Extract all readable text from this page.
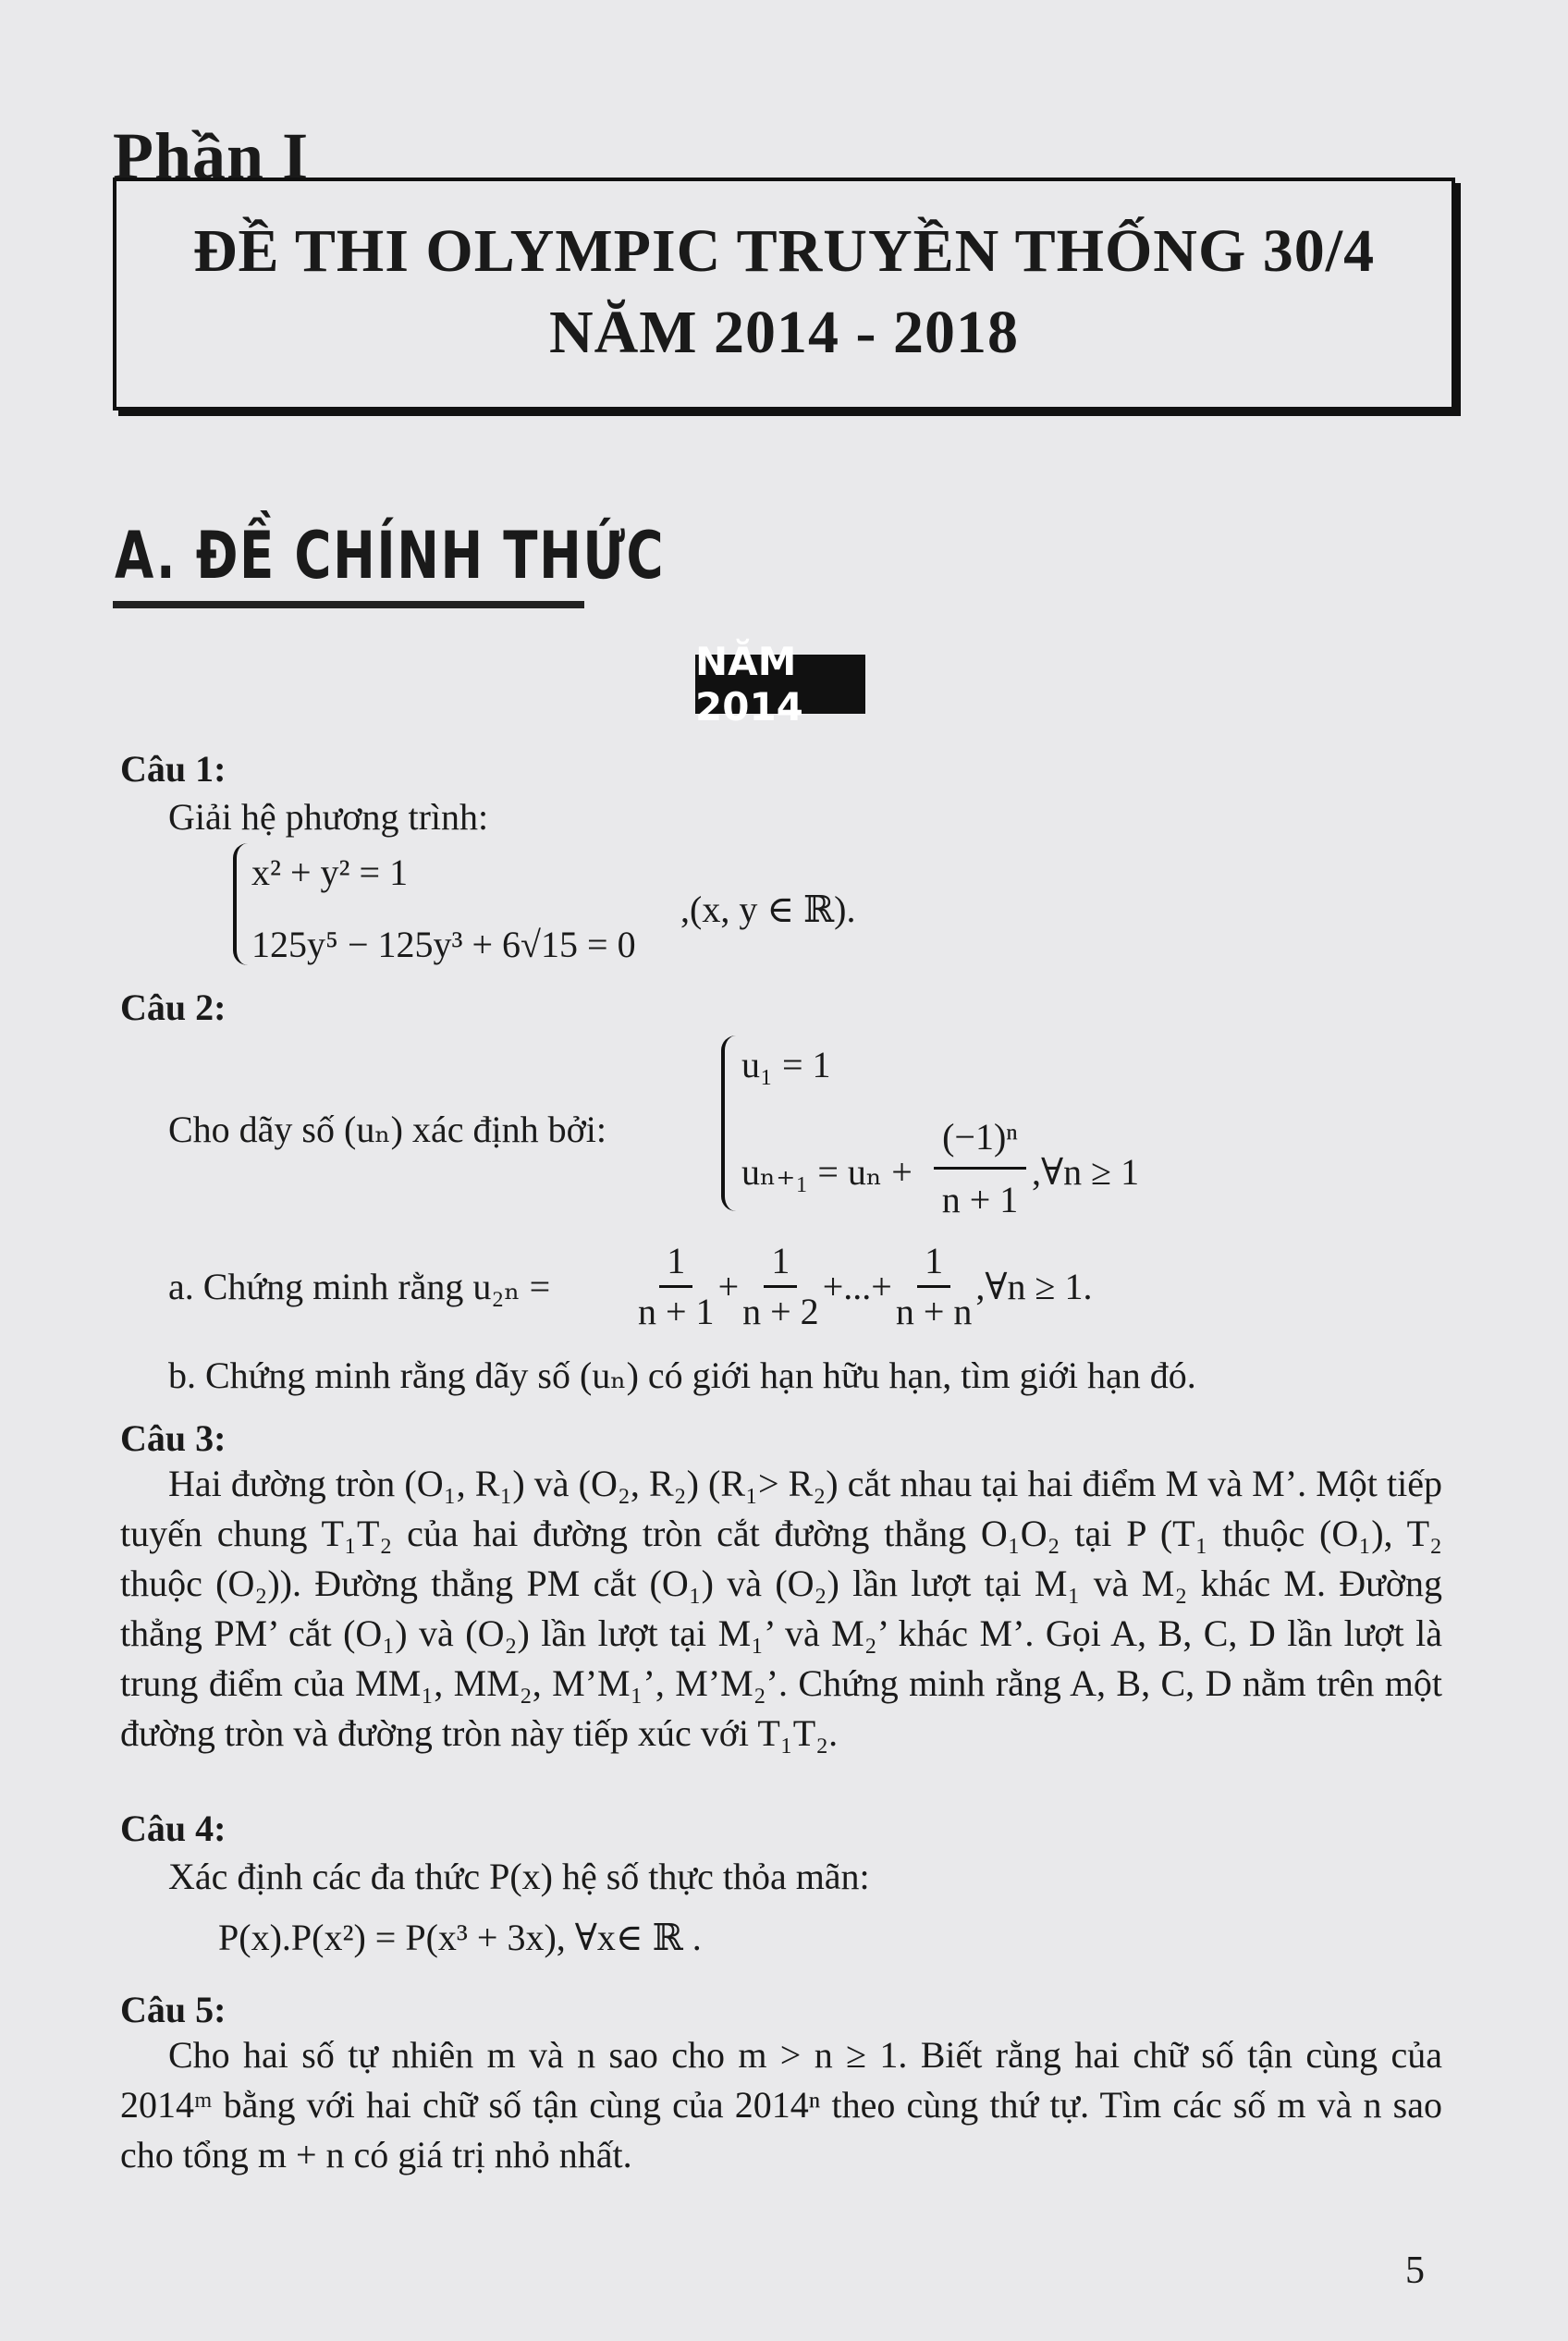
Phần I
ĐỀ THI OLYMPIC TRUYỀN THỐNG 30/4
NĂM 2014 - 2018
A. ĐỀ CHÍNH THỨC
NĂM 2014
Câu 1:
Giải hệ phương trình:
x² + y² = 1
125y⁵ − 125y³ + 6√15 = 0
,(x, y ∈ ℝ).
Câu 2:
Cho dãy số (uₙ) xác định bởi:
u₁ = 1
uₙ₊₁ = uₙ +
(−1)ⁿ
n + 1
,∀n ≥ 1
a. Chứng minh rằng $u_{2n} = \frac{1}{n + 1} + \frac{1}{n + 2}$ +...+ $\frac{1}{n + n}$ ,∀n ≥ 1.
b. Chứng minh rằng dãy số (uₙ) có giới hạn hữu hạn, tìm giới hạn đó.
Câu 3:
Hai đường tròn (O₁, R₁) và (O₂, R₂) (R₁> R₂) cắt nhau tại hai điểm M và M’. Một tiếp tuyến chung T₁T₂ của hai đường tròn cắt đường thẳng O₁O₂ tại P (T₁ thuộc (O₁), T₂ thuộc (O₂)). Đường thẳng PM cắt (O₁) và (O₂) lần lượt tại M₁ và M₂ khác M. Đường thẳng PM’ cắt (O₁) và (O₂) lần lượt tại M₁’ và M₂’ khác M’. Gọi A, B, C, D lần lượt là trung điểm của MM₁, MM₂, M’M₁’, M’M₂’. Chứng minh rằng A, B, C, D nằm trên một đường tròn và đường tròn này tiếp xúc với T₁T₂.
Câu 4:
Xác định các đa thức P(x) hệ số thực thỏa mãn:
P(x).P(x²) = P(x³ + 3x), ∀x∈ ℝ .
Câu 5:
Cho hai số tự nhiên m và n sao cho m > n ≥ 1. Biết rằng hai chữ số tận cùng của 2014ᵐ bằng với hai chữ số tận cùng của 2014ⁿ theo cùng thứ tự. Tìm các số m và n sao cho tổng m + n có giá trị nhỏ nhất.
5
